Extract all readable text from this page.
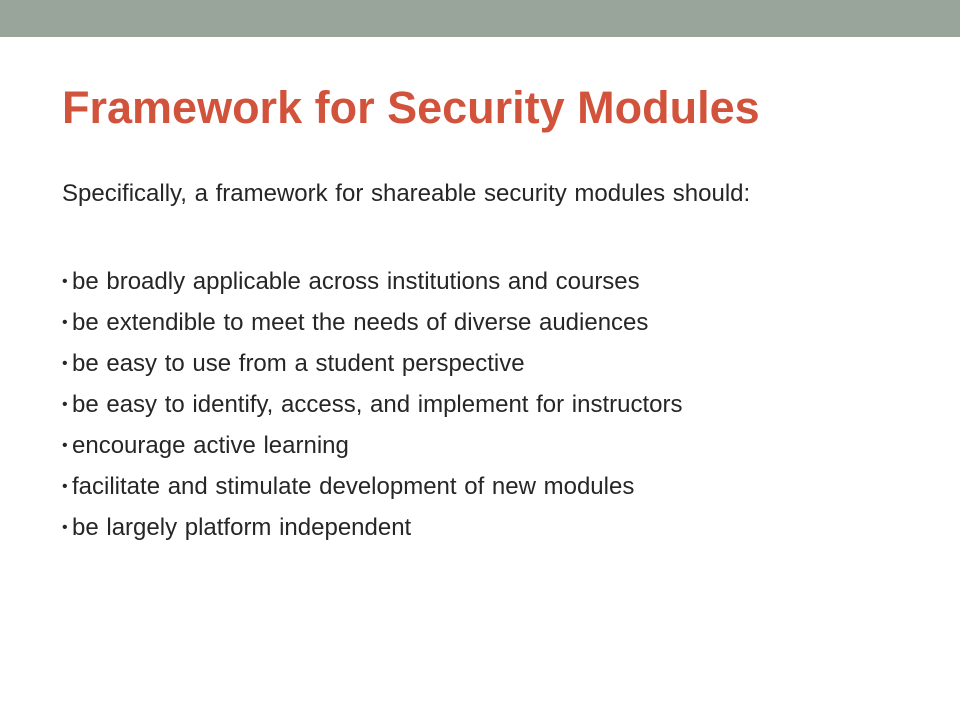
Framework for Security Modules

Specifically, a framework for shareable security modules should:

• be broadly applicable across institutions and courses
• be extendible to meet the needs of diverse audiences
• be easy to use from a student perspective
• be easy to identify, access, and implement for instructors
• encourage active learning
• facilitate and stimulate development of new modules
• be largely platform independent
